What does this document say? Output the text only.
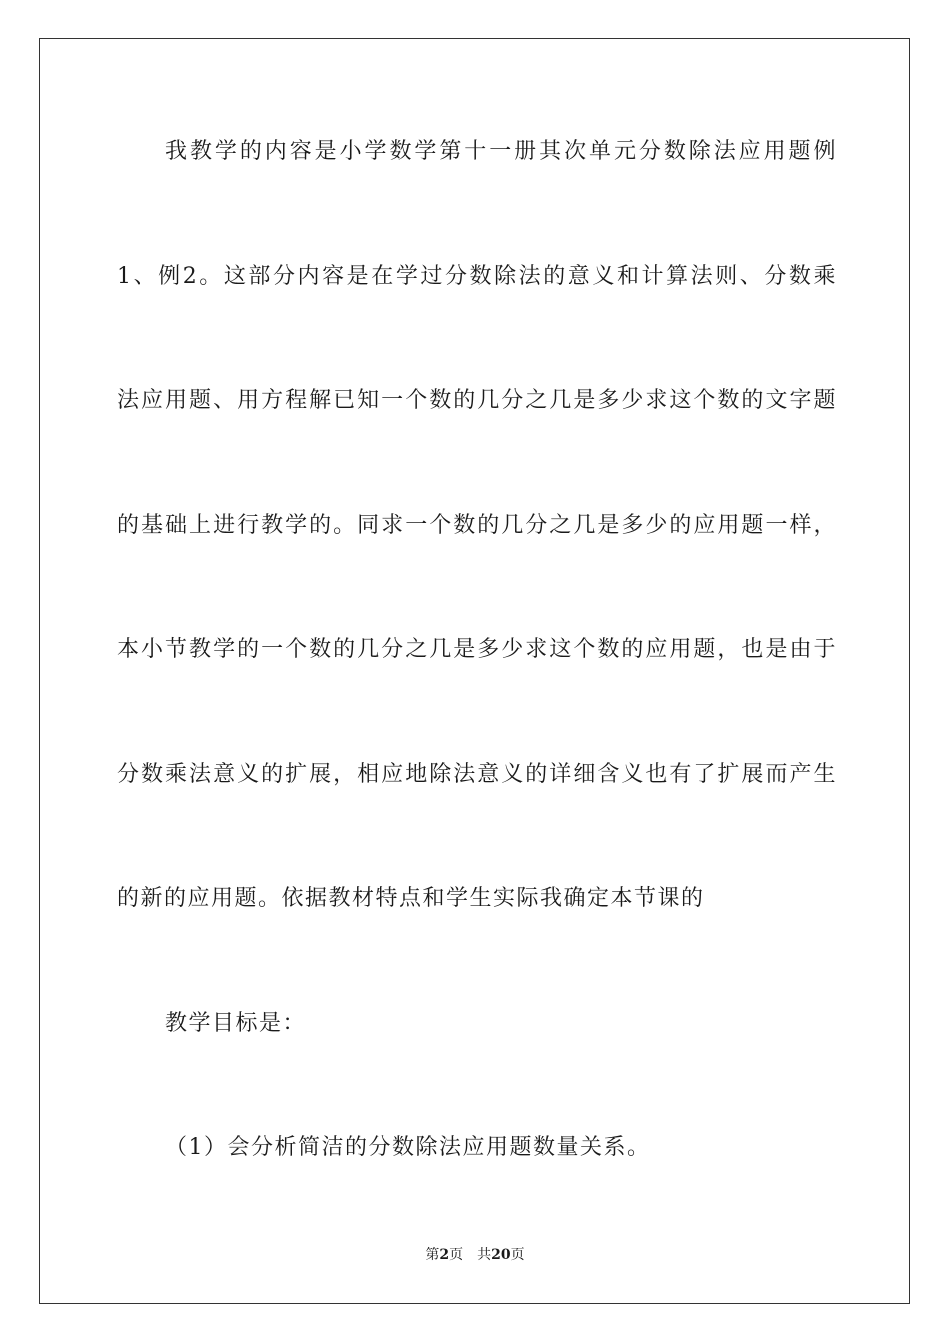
我教学的内容是小学数学第十一册其次单元分数除法应用题例
1、例2。这部分内容是在学过分数除法的意义和计算法则、分数乘
法应用题、用方程解已知一个数的几分之几是多少求这个数的文字题
的基础上进行教学的。同求一个数的几分之几是多少的应用题一样，
本小节教学的一个数的几分之几是多少求这个数的应用题，也是由于
分数乘法意义的扩展，相应地除法意义的详细含义也有了扩展而产生
的新的应用题。依据教材特点和学生实际我确定本节课的
教学目标是：
（1）会分析简洁的分数除法应用题数量关系。
第2页 共20页
